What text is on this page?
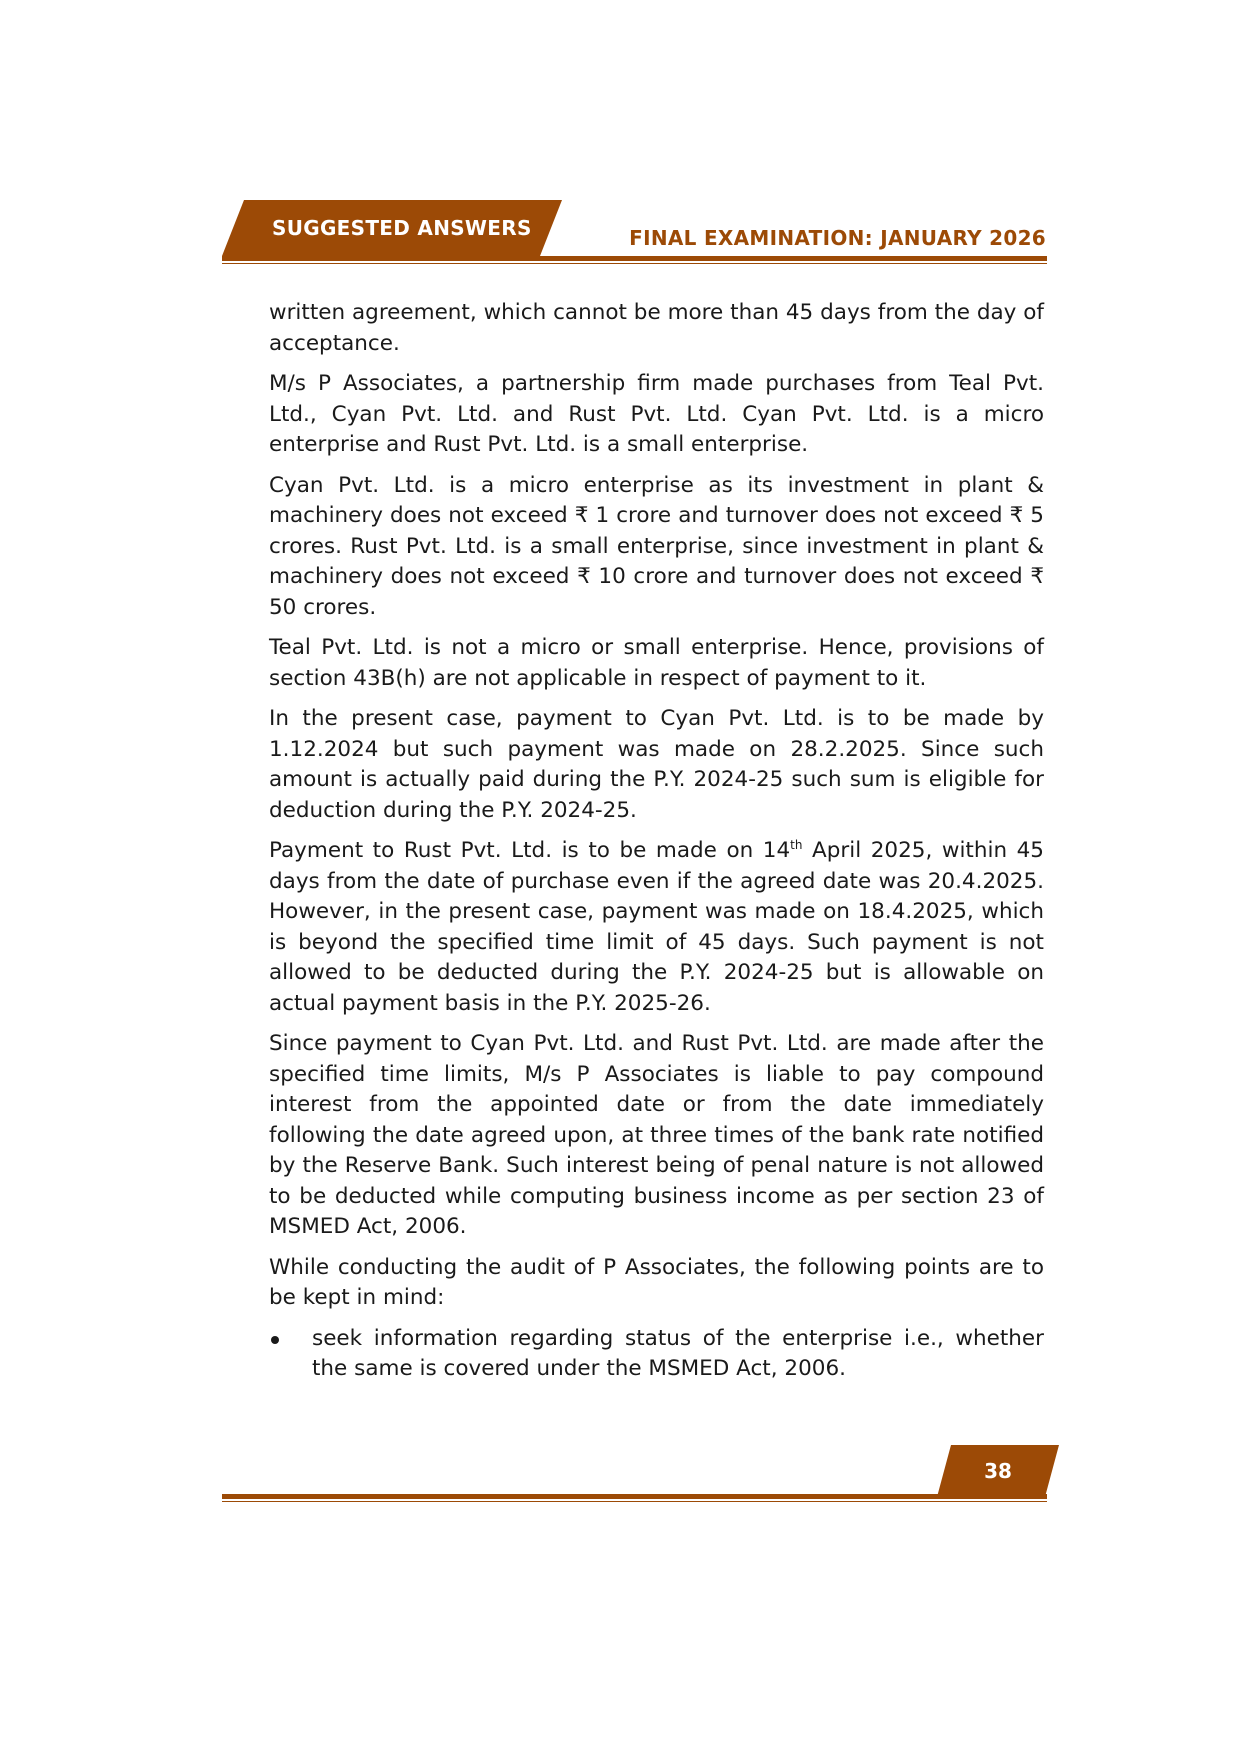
SUGGESTED ANSWERS	FINAL EXAMINATION: JANUARY 2026

written agreement, which cannot be more than 45 days from the day of acceptance.

M/s P Associates, a partnership firm made purchases from Teal Pvt. Ltd., Cyan Pvt. Ltd. and Rust Pvt. Ltd. Cyan Pvt. Ltd. is a micro enterprise and Rust Pvt. Ltd. is a small enterprise.

Cyan Pvt. Ltd. is a micro enterprise as its investment in plant & machinery does not exceed ₹ 1 crore and turnover does not exceed ₹ 5 crores. Rust Pvt. Ltd. is a small enterprise, since investment in plant & machinery does not exceed ₹ 10 crore and turnover does not exceed ₹ 50 crores.

Teal Pvt. Ltd. is not a micro or small enterprise. Hence, provisions of section 43B(h) are not applicable in respect of payment to it.

In the present case, payment to Cyan Pvt. Ltd. is to be made by 1.12.2024 but such payment was made on 28.2.2025. Since such amount is actually paid during the P.Y. 2024-25 such sum is eligible for deduction during the P.Y. 2024-25.

Payment to Rust Pvt. Ltd. is to be made on 14th April 2025, within 45 days from the date of purchase even if the agreed date was 20.4.2025. However, in the present case, payment was made on 18.4.2025, which is beyond the specified time limit of 45 days. Such payment is not allowed to be deducted during the P.Y. 2024-25 but is allowable on actual payment basis in the P.Y. 2025-26.

Since payment to Cyan Pvt. Ltd. and Rust Pvt. Ltd. are made after the specified time limits, M/s P Associates is liable to pay compound interest from the appointed date or from the date immediately following the date agreed upon, at three times of the bank rate notified by the Reserve Bank. Such interest being of penal nature is not allowed to be deducted while computing business income as per section 23 of MSMED Act, 2006.

While conducting the audit of P Associates, the following points are to be kept in mind:

seek information regarding status of the enterprise i.e., whether the same is covered under the MSMED Act, 2006.
38
